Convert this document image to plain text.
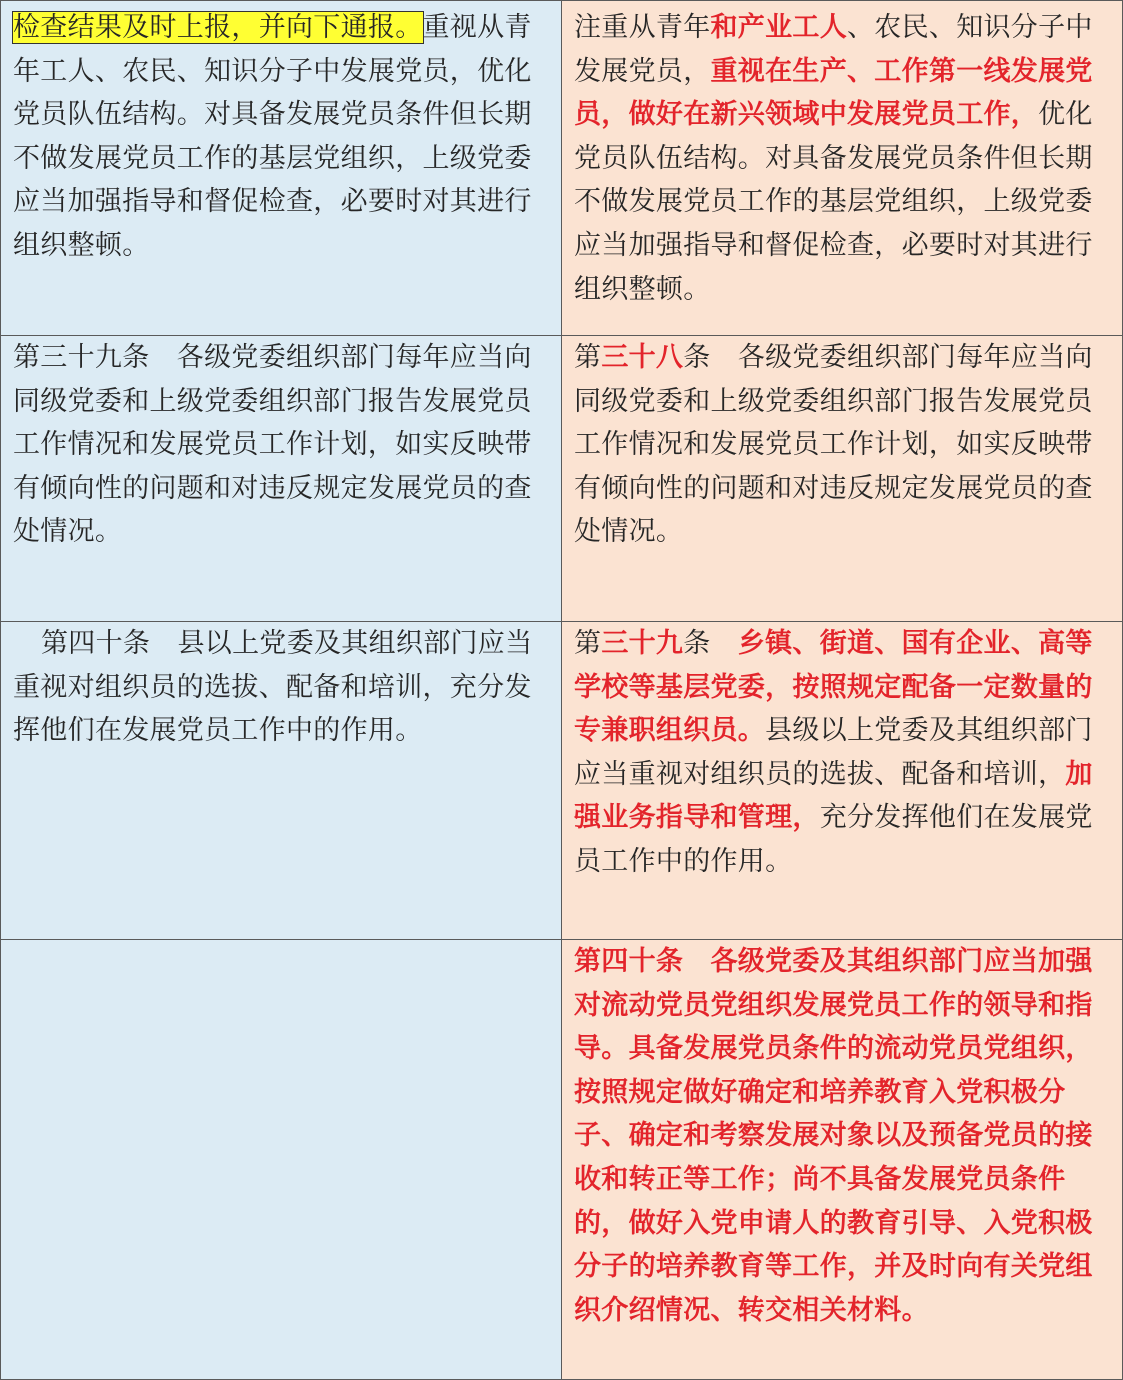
检查结果及时上报，并向下通报。重视从青年工人、农民、知识分子中发展党员，优化党员队伍结构。对具备发展党员条件但长期不做发展党员工作的基层党组织，上级党委应当加强指导和督促检查，必要时对其进行组织整顿。	注重从青年和产业工人、农民、知识分子中发展党员，重视在生产、工作第一线发展党员，做好在新兴领域中发展党员工作，优化党员队伍结构。对具备发展党员条件但长期不做发展党员工作的基层党组织，上级党委应当加强指导和督促检查，必要时对其进行组织整顿。

第三十九条　各级党委组织部门每年应当向同级党委和上级党委组织部门报告发展党员工作情况和发展党员工作计划，如实反映带有倾向性的问题和对违反规定发展党员的查处情况。	第三十八条　各级党委组织部门每年应当向同级党委和上级党委组织部门报告发展党员工作情况和发展党员工作计划，如实反映带有倾向性的问题和对违反规定发展党员的查处情况。

第四十条　县以上党委及其组织部门应当重视对组织员的选拔、配备和培训，充分发挥他们在发展党员工作中的作用。	第三十九条　乡镇、街道、国有企业、高等学校等基层党委，按照规定配备一定数量的专兼职组织员。县级以上党委及其组织部门应当重视对组织员的选拔、配备和培训，加强业务指导和管理，充分发挥他们在发展党员工作中的作用。
	第四十条　各级党委及其组织部门应当加强对流动党员党组织发展党员工作的领导和指导。具备发展党员条件的流动党员党组织，按照规定做好确定和培养教育入党积极分子、确定和考察发展对象以及预备党员的接收和转正等工作；尚不具备发展党员条件的，做好入党申请人的教育引导、入党积极分子的培养教育等工作，并及时向有关党组织介绍情况、转交相关材料。
